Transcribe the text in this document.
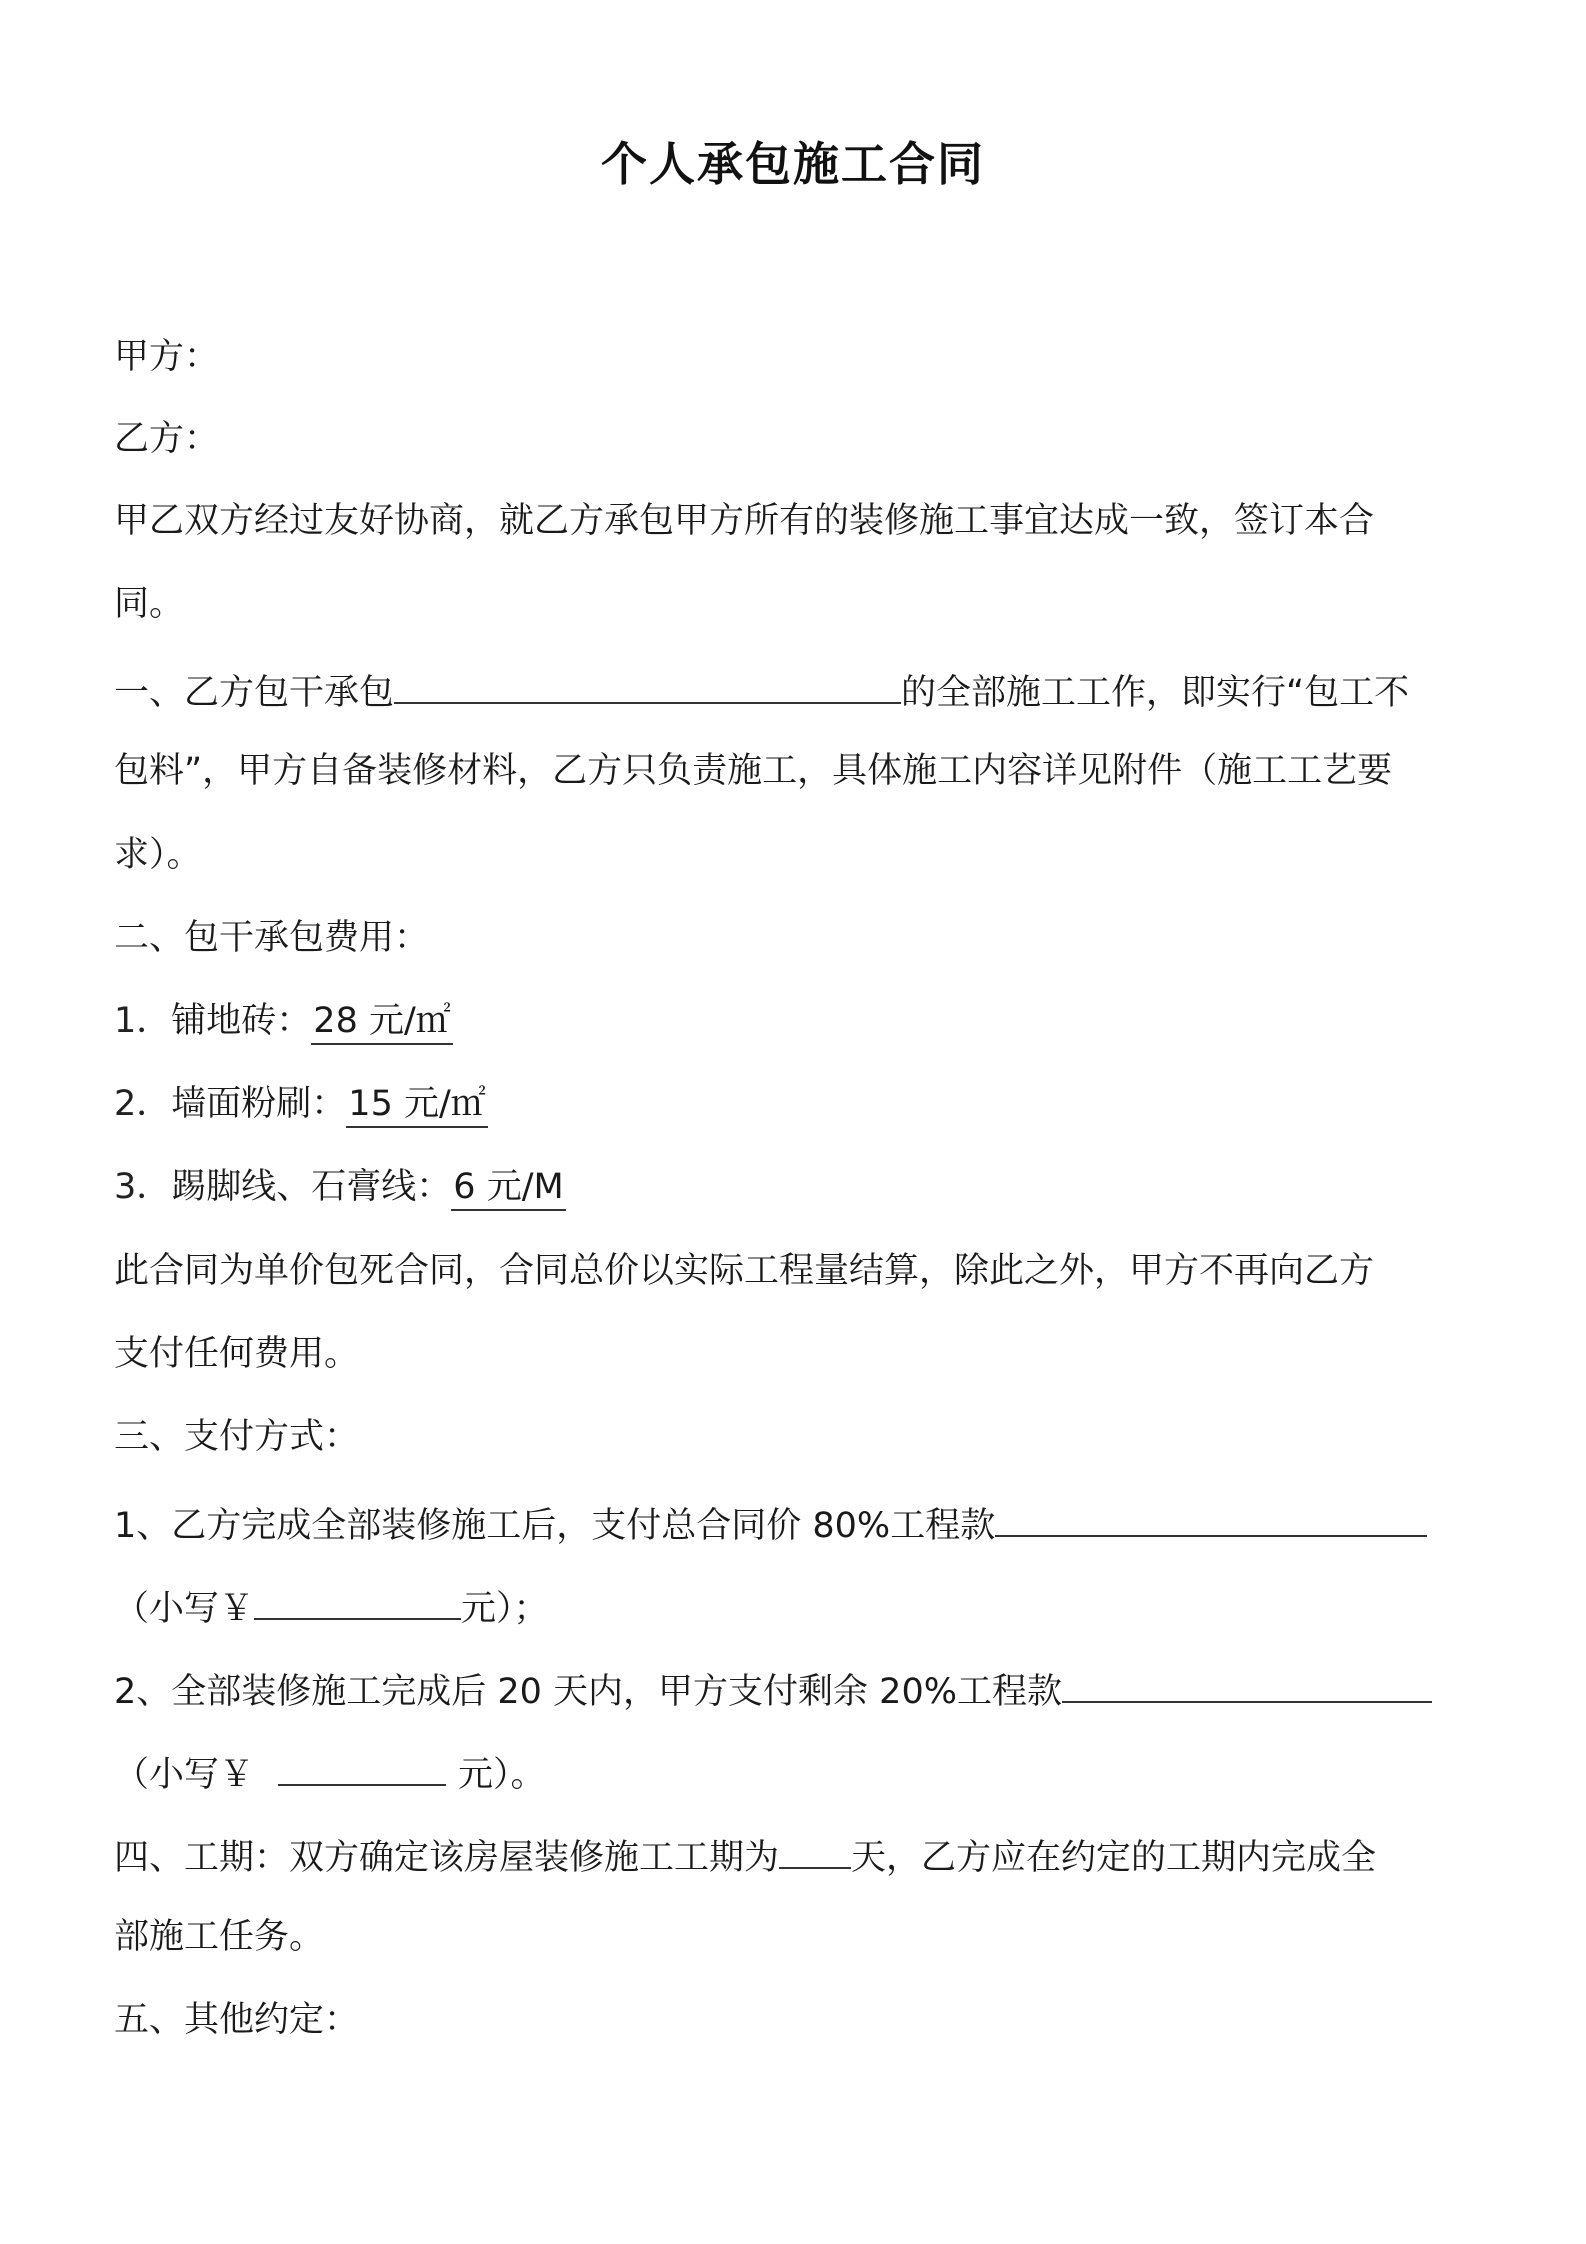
个人承包施工合同
甲方：
乙方：
甲乙双方经过友好协商，就乙方承包甲方所有的装修施工事宜达成一致，签订本合
同。
一、乙方包干承包	的全部施工工作，即实行“包工不
包料”，甲方自备装修材料，乙方只负责施工，具体施工内容详见附件（施工工艺要
求）。
二、包干承包费用：
1．铺地砖：28 元/㎡
2．墙面粉刷：15 元/㎡
3．踢脚线、石膏线：6 元/M
此合同为单价包死合同，合同总价以实际工程量结算，除此之外，甲方不再向乙方
支付任何费用。
三、支付方式：
1、乙方完成全部装修施工后，支付总合同价 80%工程款
（小写￥	元）；
2、全部装修施工完成后 20 天内，甲方支付剩余 20%工程款
（小写￥	元）。
四、工期：双方确定该房屋装修施工工期为 天，乙方应在约定的工期内完成全
部施工任务。
五、其他约定：
